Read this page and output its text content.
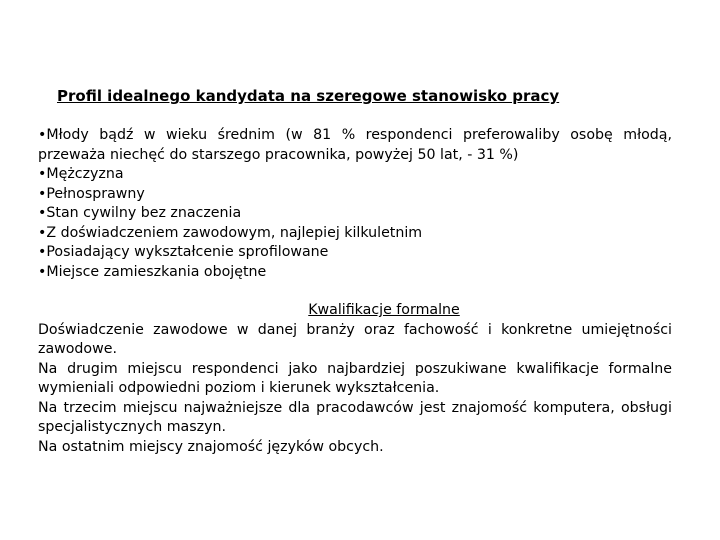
Profil idealnego kandydata na szeregowe stanowisko pracy
•Młody bądź w wieku średnim (w 81 % respondenci preferowaliby osobę młodą, przeważa niechęć do starszego pracownika, powyżej 50 lat, - 31 %)
•Mężczyzna
•Pełnosprawny
•Stan cywilny bez znaczenia
•Z doświadczeniem zawodowym, najlepiej kilkuletnim
•Posiadający wykształcenie sprofilowane
•Miejsce zamieszkania obojętne
Kwalifikacje formalne
Doświadczenie zawodowe w danej branży oraz fachowość i konkretne umiejętności zawodowe.
Na drugim miejscu respondenci jako najbardziej poszukiwane kwalifikacje formalne wymieniali odpowiedni poziom i kierunek wykształcenia.
Na trzecim miejscu najważniejsze dla pracodawców jest znajomość komputera, obsługi specjalistycznych maszyn.
Na ostatnim miejscy znajomość języków obcych.
